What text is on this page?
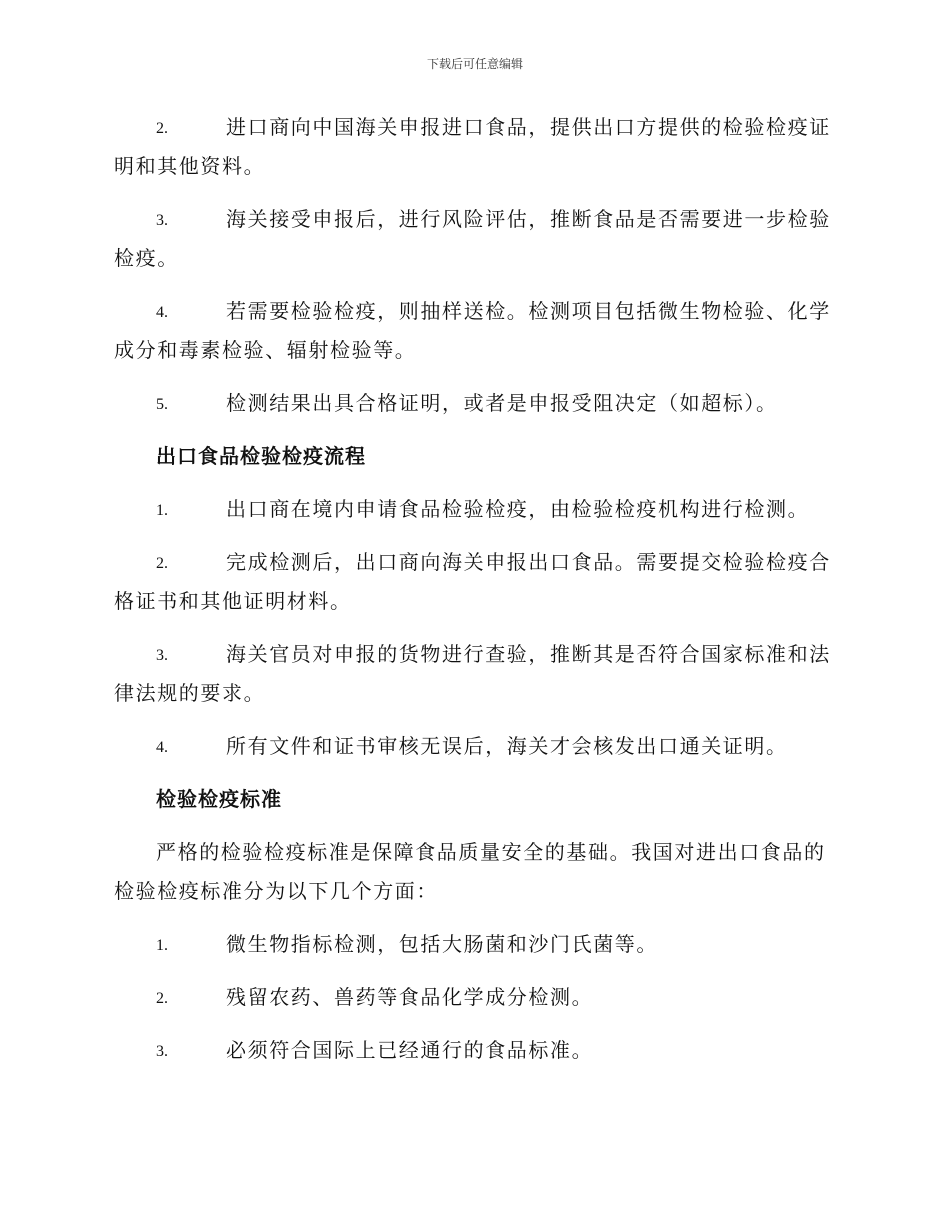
下载后可任意编辑
2.	进口商向中国海关申报进口食品，提供出口方提供的检验检疫证
明和其他资料。
3.	海关接受申报后，进行风险评估，推断食品是否需要进一步检验
检疫。
4.	若需要检验检疫，则抽样送检。检测项目包括微生物检验、化学
成分和毒素检验、辐射检验等。
5.	检测结果出具合格证明，或者是申报受阻决定（如超标）。
出口食品检验检疫流程
1.	出口商在境内申请食品检验检疫，由检验检疫机构进行检测。
2.	完成检测后，出口商向海关申报出口食品。需要提交检验检疫合
格证书和其他证明材料。
3.	海关官员对申报的货物进行查验，推断其是否符合国家标准和法
律法规的要求。
4.	所有文件和证书审核无误后，海关才会核发出口通关证明。
检验检疫标准
严格的检验检疫标准是保障食品质量安全的基础。我国对进出口食品的
检验检疫标准分为以下几个方面：
1.	微生物指标检测，包括大肠菌和沙门氏菌等。
2.	残留农药、兽药等食品化学成分检测。
3.	必须符合国际上已经通行的食品标准。
